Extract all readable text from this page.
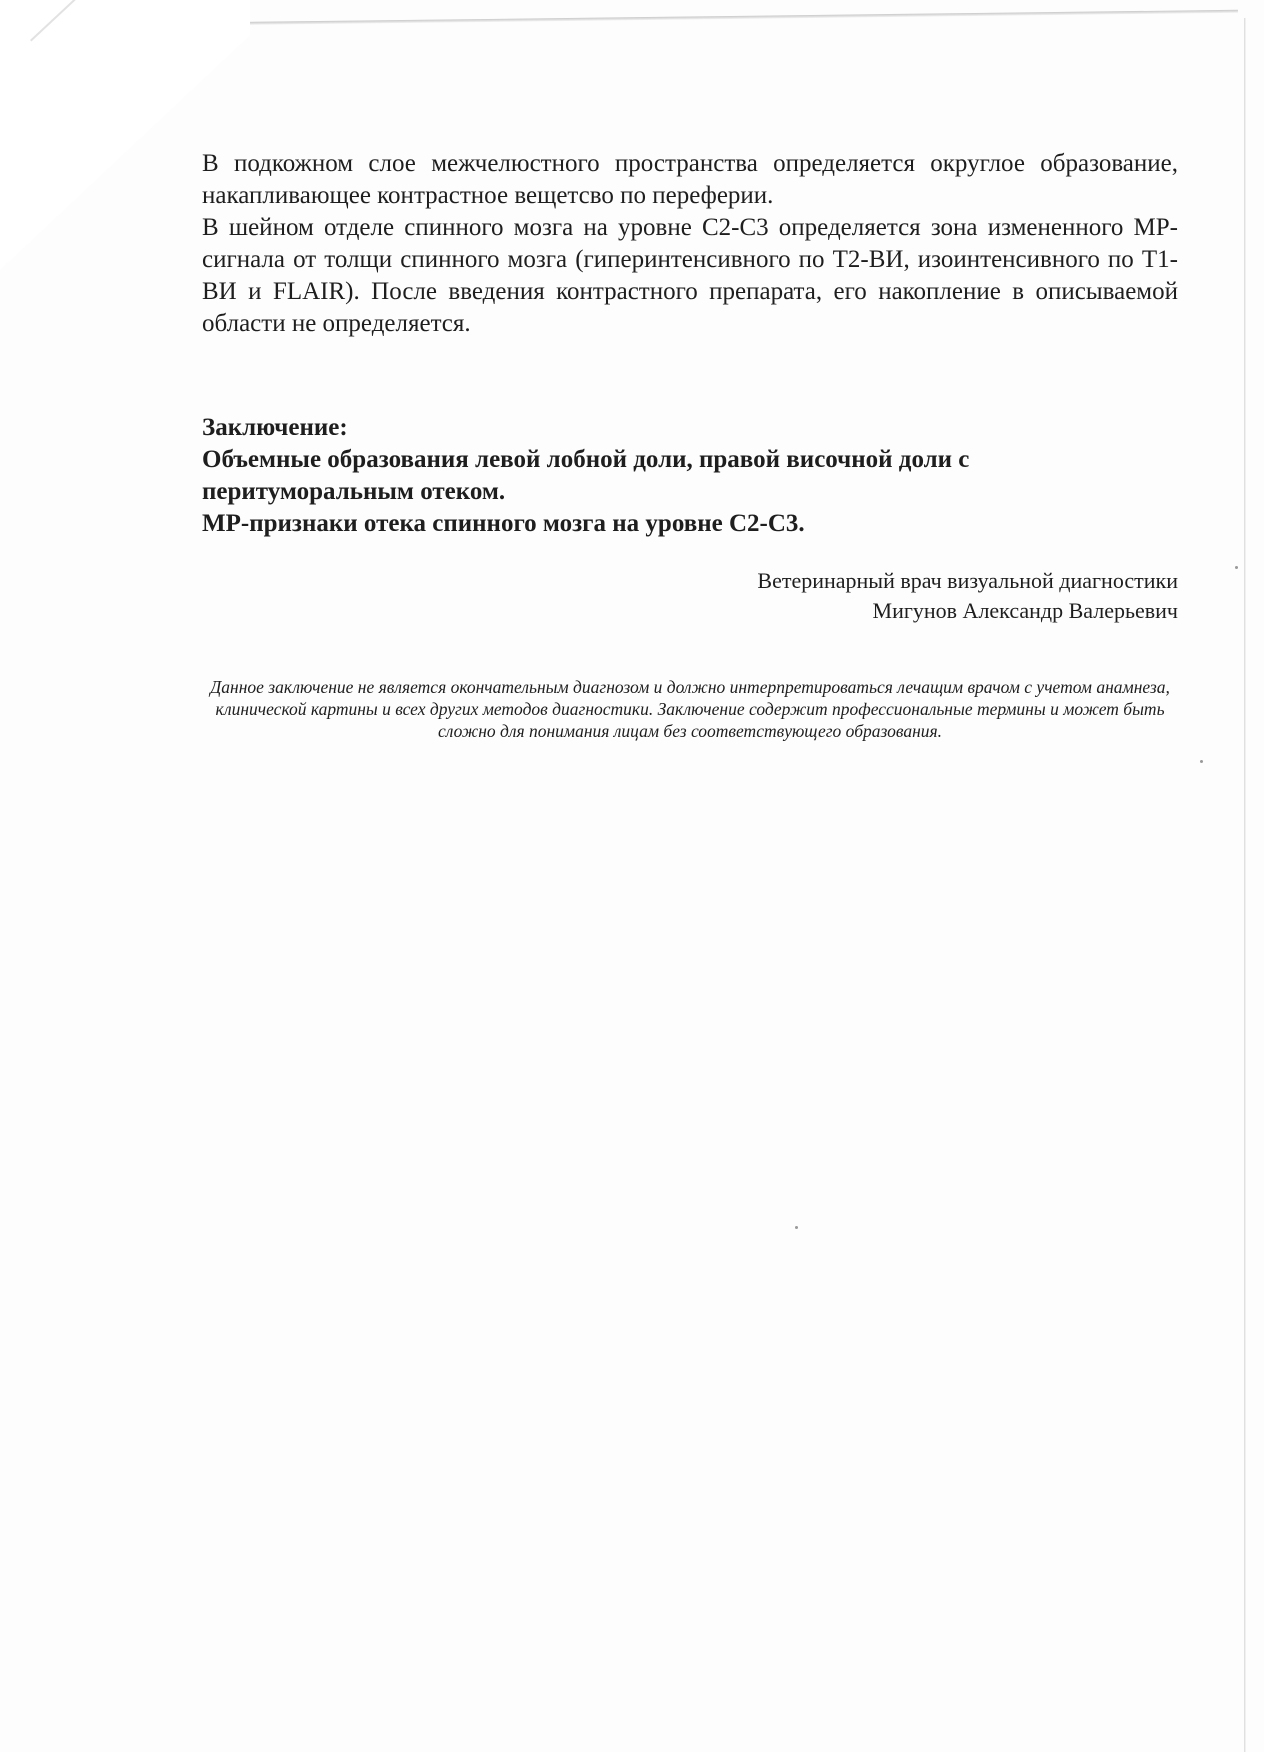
В подкожном слое межчелюстного пространства определяется округлое образование, накапливающее контрастное вещетсво по переферии.

В шейном отделе спинного мозга на уровне С2-С3 определяется зона измененного МР-сигнала от толщи спинного мозга (гиперинтенсивного по Т2-ВИ, изоинтенсивного по Т1-ВИ и FLAIR). После введения контрастного препарата, его накопление в описываемой области не определяется.

Заключение:

Объемные образования левой лобной доли, правой височной доли с перитуморальным отеком.

МР-признаки отека спинного мозга на уровне С2-С3.

Ветеринарный врач визуальной диагностики
Мигунов Александр Валерьевич
Данное заключение не является окончательным диагнозом и должно интерпретироваться лечащим врачом с учетом анамнеза, клинической картины и всех других методов диагностики. Заключение содержит профессиональные термины и может быть сложно для понимания лицам без соответствующего образования.
